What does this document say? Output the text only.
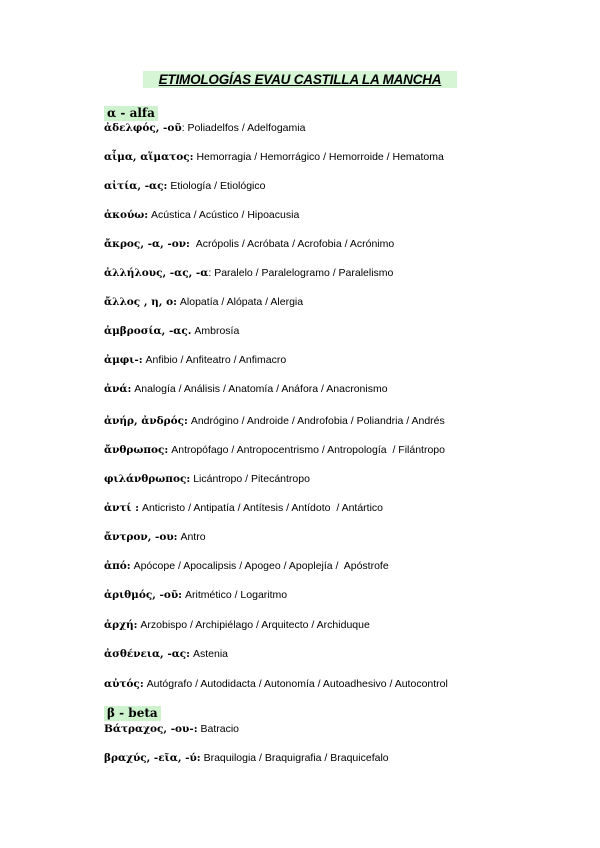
ETIMOLOGÍAS EVAU CASTILLA LA MANCHA
α - alfa
ἀδελφός, -οῦ: Poliadelfos / Adelfogamia
αἷμα, αἵματος: Hemorragia / Hemorrágico / Hemorroide / Hematoma
αἰτία, -ας: Etiología / Etiológico
ἀκούω: Acústica / Acústico / Hipoacusia
ἄκρος, -α, -ον: Acrópolis / Acróbata / Acrofobia / Acrónimo
ἀλλήλους, -ας, -α: Paralelo / Paralelogramo / Paralelismo
ἄλλος , η, ο: Alopatía / Alópata / Alergia
ἀμβροσία, -ας. Ambrosía
ἀμφι-: Anfibio / Anfiteatro / Anfimacro
ἀνά: Analogía / Análisis / Anatomía / Anáfora / Anacronismo
ἀνήρ, ἀνδρός: Andrógino / Androide / Androfobia / Poliandria / Andrés
ἄνθρωπος: Antropófago / Antropocentrismo / Antropología  / Filántropo
φιλάνθρωπος: Licántropo / Pitecántropo
ἀντί : Anticristo / Antipatía / Antítesis / Antídoto  / Antártico
ἄντρον, -ου: Antro
ἀπό: Apócope / Apocalipsis / Apogeo / Apoplejía /  Apóstrofe
ἀριθμός, -οῦ: Aritmético / Logaritmo
ἀρχή: Arzobispo / Archipiélago / Arquitecto / Archiduque
ἀσθένεια, -ας: Astenia
αὐτός: Autógrafo / Autodidacta / Autonomía / Autoadhesivo / Autocontrol
β - beta
Βάτραχος, -ου-: Batracio
βραχύς, -εῖα, -ύ: Braquilogia / Braquigrafia / Braquicefalo
